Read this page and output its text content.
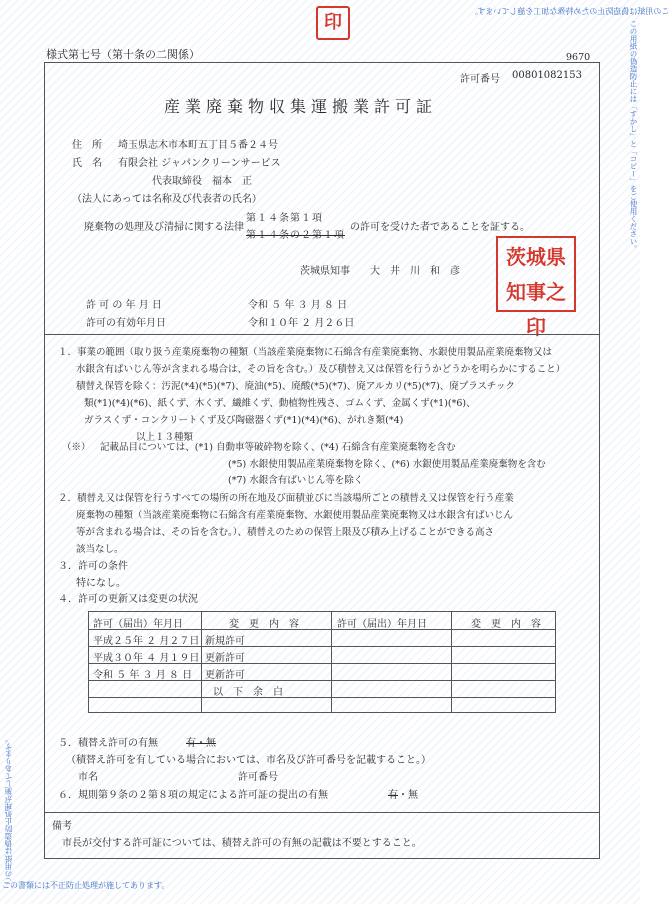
この用紙は偽造防止のため特殊な加工を施しています。
印
様式第七号（第十条の二関係）	9670
許可番号 00801082153
産業廃棄物収集運搬業許可証
住　所 埼玉県志木市本町五丁目５番２４号
氏　名 有限会社 ジャパンクリーンサービス
代表取締役　福本　正
（法人にあっては名称及び代表者の氏名）
廃棄物の処理及び清掃に関する法律
第１４条第１項
第１４条の２第１項
の許可を受けた者であることを証する。
茨城県知事　　大　井　川　和　彦
茨城県知事之印
許 可 の 年 月 日	令和 ５ 年 ３ 月 ８ 日
許可の有効年月日	令和１０年 ２ 月２６日
１．事業の範囲（取り扱う産業廃棄物の種類（当該産業廃棄物に石綿含有産業廃棄物、水銀使用製品産業廃棄物又は
水銀含有ばいじん等が含まれる場合は、その旨を含む。）及び積替え又は保管を行うかどうかを明らかにすること）
積替え保管を除く：汚泥(*4)(*5)(*7)、廃油(*5)、廃酸(*5)(*7)、廃アルカリ(*5)(*7)、廃プラスチック
類(*1)(*4)(*6)、紙くず、木くず、繊維くず、動植物性残さ、ゴムくず、金属くず(*1)(*6)、
ガラスくず・コンクリートくず及び陶磁器くず(*1)(*4)(*6)、がれき類(*4)
以上１３種類
（※） 記載品目については、(*1) 自動車等破砕物を除く、(*4) 石綿含有産業廃棄物を含む
(*5) 水銀使用製品産業廃棄物を除く、(*6) 水銀使用製品産業廃棄物を含む
(*7) 水銀含有ばいじん等を除く
２．積替え又は保管を行うすべての場所の所在地及び面積並びに当該場所ごとの積替え又は保管を行う産業
廃棄物の種類（当該産業廃棄物に石綿含有産業廃棄物、水銀使用製品産業廃棄物又は水銀含有ばいじん
等が含まれる場合は、その旨を含む。）、積替えのための保管上限及び積み上げることができる高さ
該当なし。
３．許可の条件
特になし。
４．許可の更新又は変更の状況
許可（届出）年月日	変　更　内　容	許可（届出）年月日	変　更　内　容
平成２５年 ２ 月２７日 新規許可
平成３０年 ４ 月１９日 更新許可
令和 ５ 年 ３ 月 ８ 日 更新許可
以　下　余　白
５．積替え許可の有無	有・無
（積替え許可を有している場合においては、市名及び許可番号を記載すること。）
市名	許可番号
６．規則第９条の２第８項の規定による許可証の提出の有無	有・無
備考
市長が交付する許可証については、積替え許可の有無の記載は不要とすること。
この書類には不正防止処理が施してあります。
この用紙の偽造防止には「すかし」と「コピー」をご使用ください。
この用紙は偽造防止処理が施してあります。
